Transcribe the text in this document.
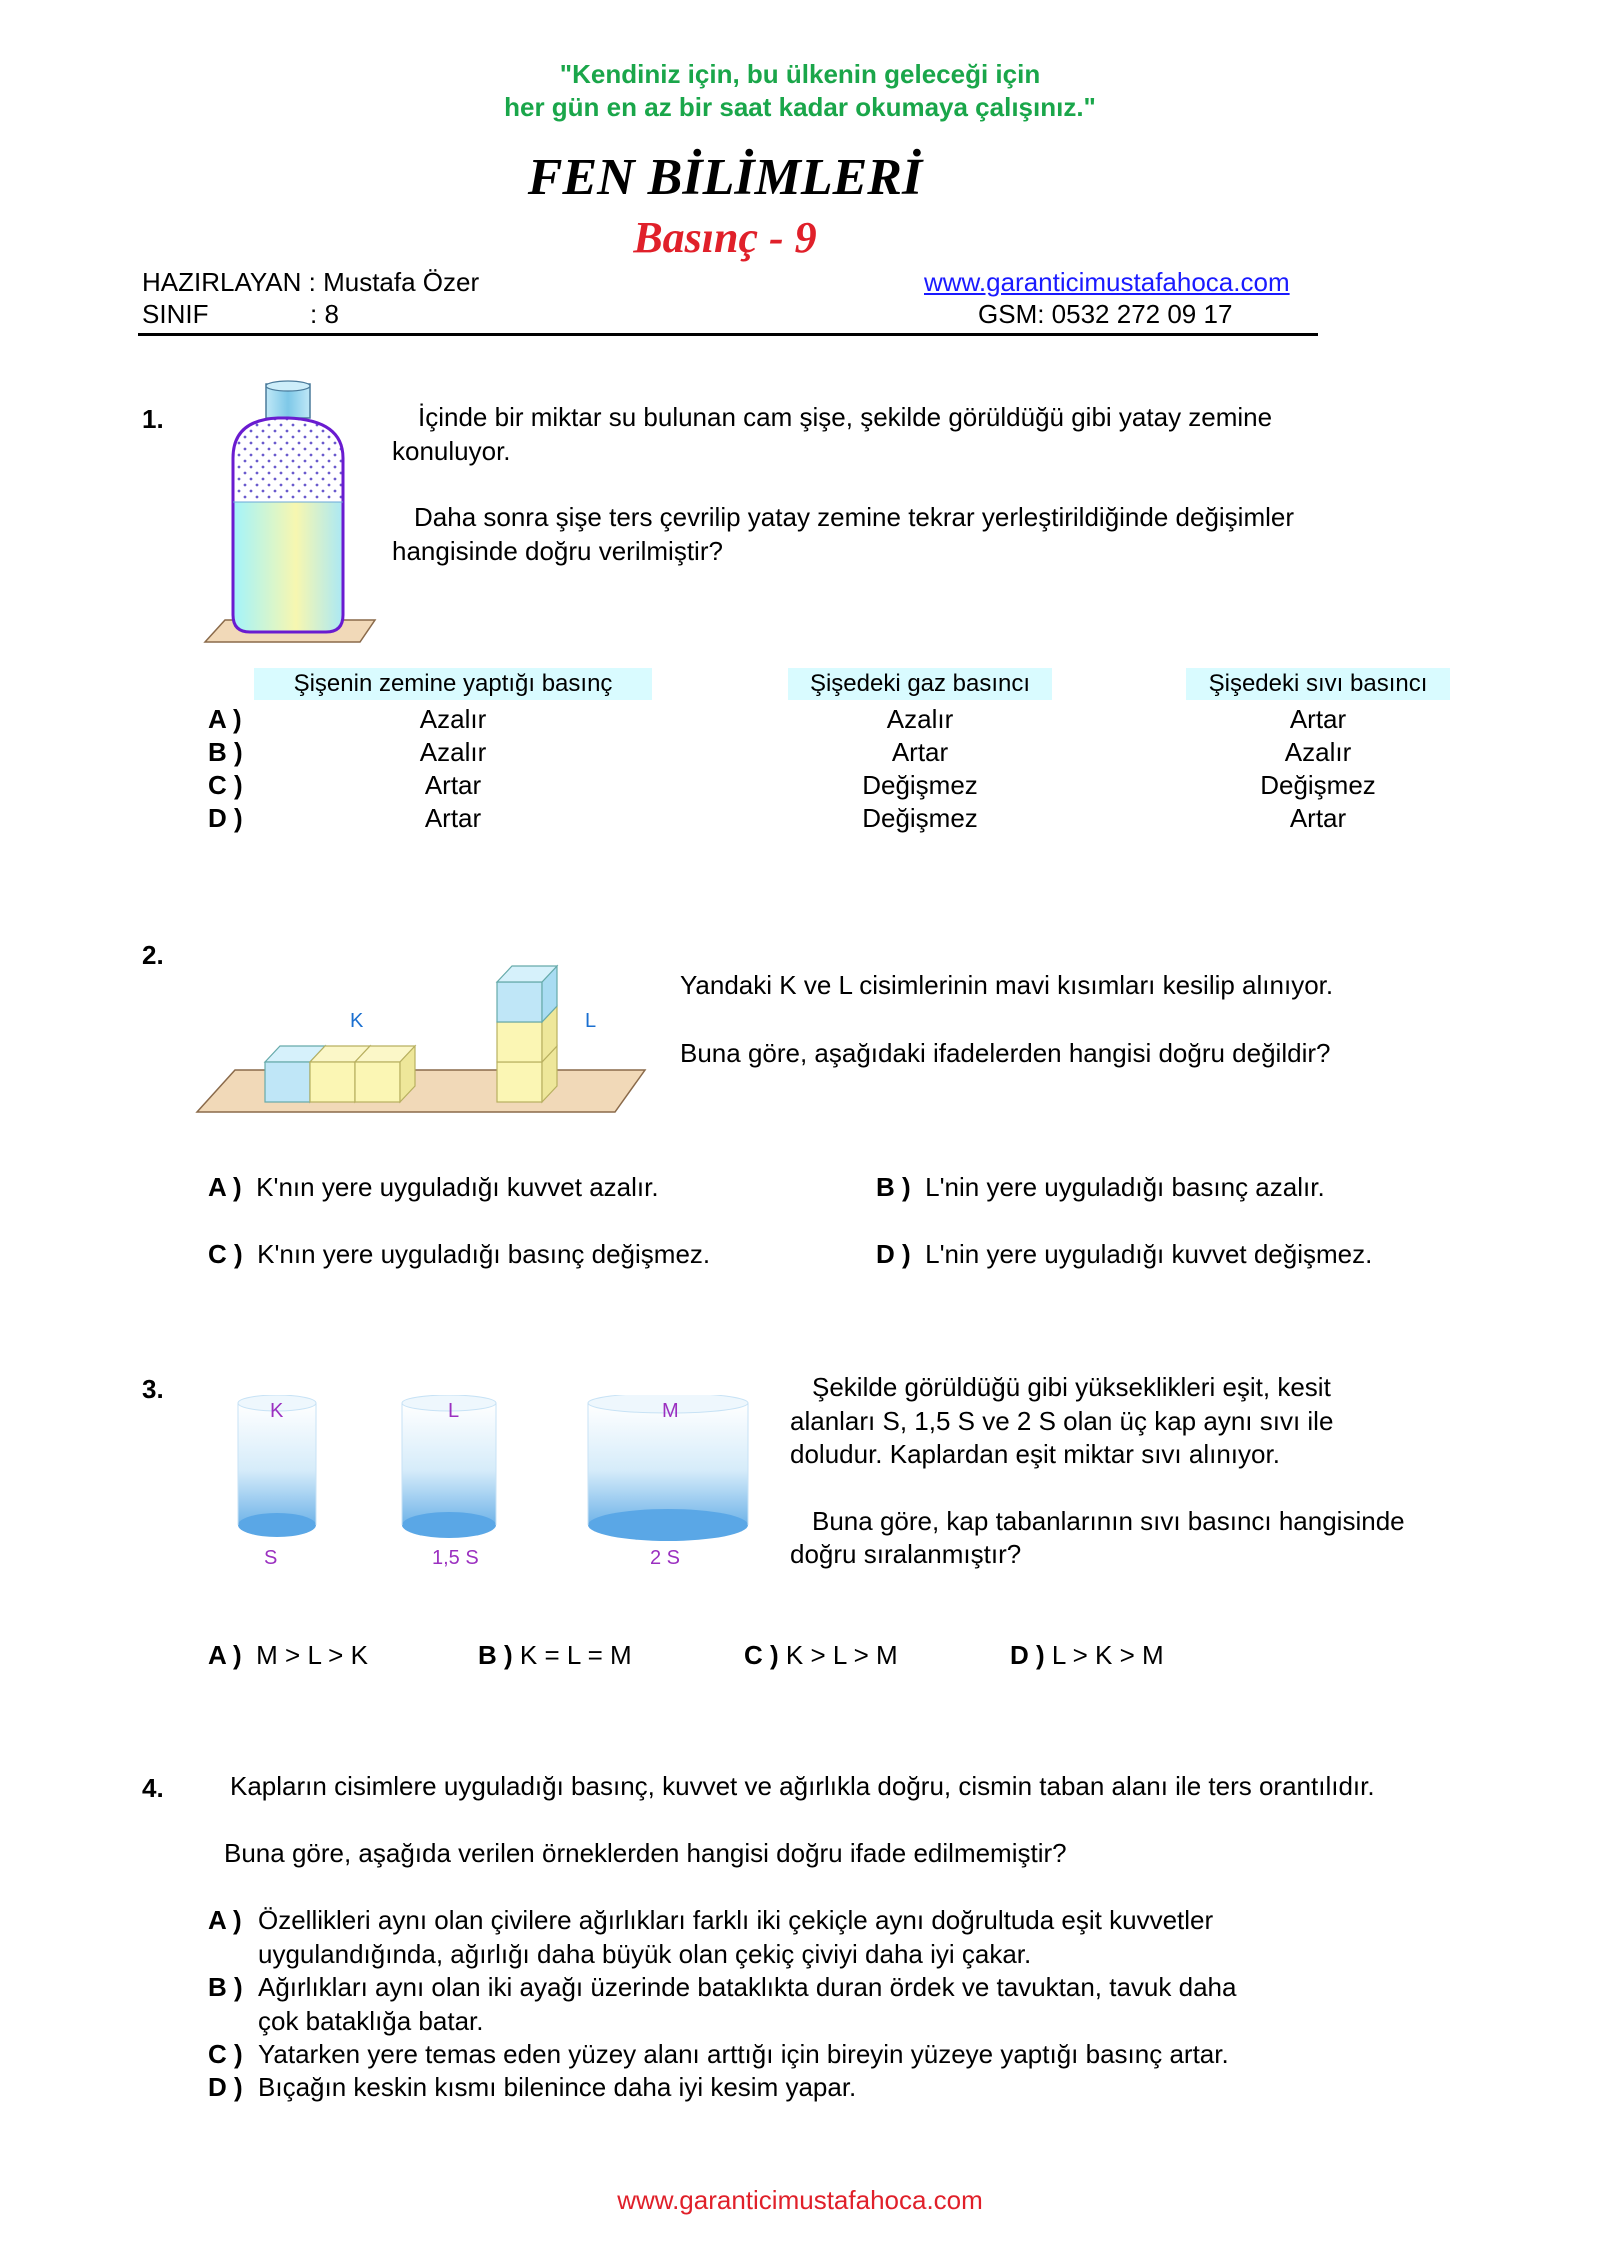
"Kendiniz için, bu ülkenin geleceği için
her gün en az bir saat kadar okumaya çalışınız."
FEN BİLİMLERİ
Basınç - 9
HAZIRLAYAN : Mustafa Özer
SINIF	: 8
www.garanticimustafahoca.com
GSM: 0532 272 09 17
1.	İçinde bir miktar su bulunan cam şişe, şekilde görüldüğü gibi yatay zemine
konuluyor.
Daha sonra şişe ters çevrilip yatay zemine tekrar yerleştirildiğinde değişimler
hangisinde doğru verilmiştir?
Şişenin zemine yaptığı basınç	Şişedeki gaz basıncı	Şişedeki sıvı basıncı
A )	Azalır	Azalır	Artar
B )	Azalır	Artar	Azalır
C )	Artar	Değişmez	Değişmez
D )	Artar	Değişmez	Artar
2.
K	L
Yandaki K ve L cisimlerinin mavi kısımları kesilip alınıyor.
Buna göre, aşağıdaki ifadelerden hangisi doğru değildir?
A ) K'nın yere uyguladığı kuvvet azalır.	B ) L'nin yere uyguladığı basınç azalır.
C ) K'nın yere uyguladığı basınç değişmez.	D ) L'nin yere uyguladığı kuvvet değişmez.
3.
K	L	M
S	1,5 S	2 S
Şekilde görüldüğü gibi yükseklikleri eşit, kesit
alanları S, 1,5 S ve 2 S olan üç kap aynı sıvı ile
doludur. Kaplardan eşit miktar sıvı alınıyor.
Buna göre, kap tabanlarının sıvı basıncı hangisinde
doğru sıralanmıştır?
A ) M > L > K	B ) K = L = M	C ) K > L > M	D ) L > K > M
4.	Kapların cisimlere uyguladığı basınç, kuvvet ve ağırlıkla doğru, cismin taban alanı ile ters orantılıdır.
Buna göre, aşağıda verilen örneklerden hangisi doğru ifade edilmemiştir?
A ) Özellikleri aynı olan çivilere ağırlıkları farklı iki çekiçle aynı doğrultuda eşit kuvvetler
uygulandığında, ağırlığı daha büyük olan çekiç çiviyi daha iyi çakar.
B ) Ağırlıkları aynı olan iki ayağı üzerinde bataklıkta duran ördek ve tavuktan, tavuk daha
çok bataklığa batar.
C ) Yatarken yere temas eden yüzey alanı arttığı için bireyin yüzeye yaptığı basınç artar.
D ) Bıçağın keskin kısmı bilenince daha iyi kesim yapar.
www.garanticimustafahoca.com
